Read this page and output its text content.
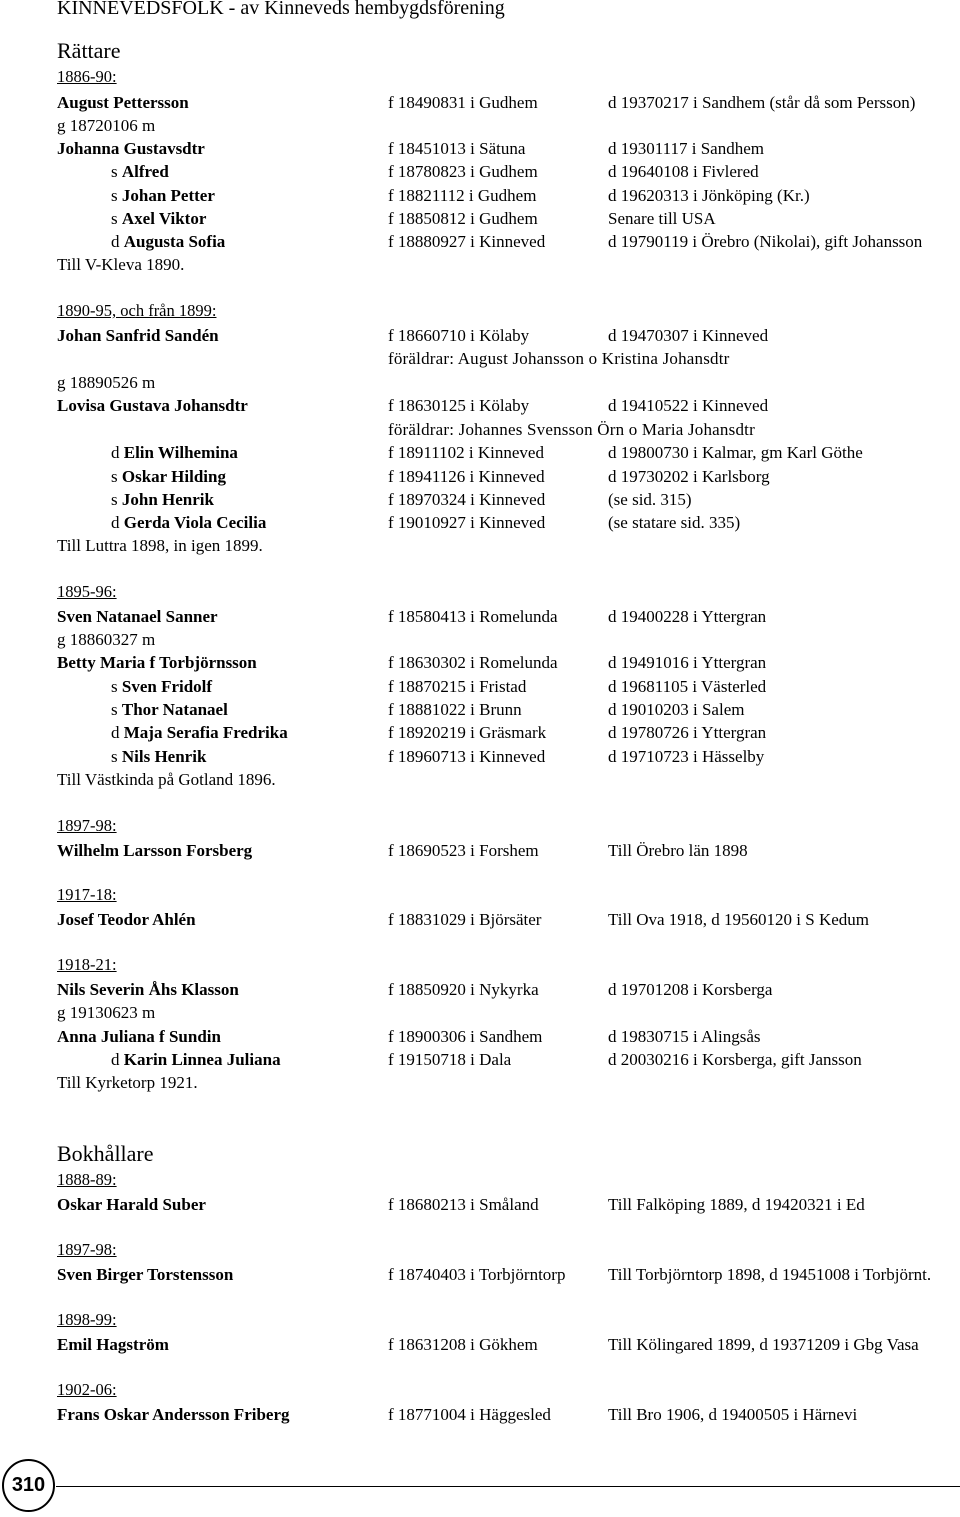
KINNEVEDSFOLK - av Kinneveds hembygdsförening
Rättare
1886-90:
August Pettersson	f 18490831 i Gudhem	d 19370217 i Sandhem (står då som Persson)
g 18720106 m
Johanna Gustavsdtr	f 18451013 i Sätuna	d 19301117 i Sandhem
s Alfred	f 18780823 i Gudhem	d 19640108 i Fivlered
s Johan Petter	f 18821112 i Gudhem	d 19620313 i Jönköping (Kr.)
s Axel Viktor	f 18850812 i Gudhem	Senare till USA
d Augusta Sofia	f 18880927 i Kinneved	d 19790119 i Örebro (Nikolai), gift Johansson
Till V-Kleva 1890.
1890-95, och från 1899:
Johan Sanfrid Sandén	f 18660710 i Kölaby	d 19470307 i Kinneved
föräldrar: August Johansson o Kristina Johansdtr
g 18890526 m
Lovisa Gustava Johansdtr	f 18630125 i Kölaby	d 19410522 i Kinneved
föräldrar: Johannes Svensson Örn o Maria Johansdtr
d Elin Wilhemina	f 18911102 i Kinneved	d 19800730 i Kalmar, gm Karl Göthe
s Oskar Hilding	f 18941126 i Kinneved	d 19730202 i Karlsborg
s John Henrik	f 18970324 i Kinneved	(se sid. 315)
d Gerda Viola Cecilia	f 19010927 i Kinneved	(se statare sid. 335)
Till Luttra 1898, in igen 1899.
1895-96:
Sven Natanael Sanner	f 18580413 i Romelunda	d 19400228 i Yttergran
g 18860327 m
Betty Maria f Torbjörnsson	f 18630302 i Romelunda	d 19491016 i Yttergran
s Sven Fridolf	f 18870215 i Fristad	d 19681105 i Västerled
s Thor Natanael	f 18881022 i Brunn	d 19010203 i Salem
d Maja Serafia Fredrika	f 18920219 i Gräsmark	d 19780726 i Yttergran
s Nils Henrik	f 18960713 i Kinneved	d 19710723 i Hässelby
Till Västkinda på Gotland 1896.
1897-98:
Wilhelm Larsson Forsberg	f 18690523 i Forshem	Till Örebro län 1898
1917-18:
Josef Teodor Ahlén	f 18831029 i Björsäter	Till Ova 1918, d 19560120 i S Kedum
1918-21:
Nils Severin Åhs Klasson	f 18850920 i Nykyrka	d 19701208 i Korsberga
g 19130623 m
Anna Juliana f Sundin	f 18900306 i Sandhem	d 19830715 i Alingsås
d Karin Linnea Juliana	f 19150718 i Dala	d 20030216 i Korsberga, gift Jansson
Till Kyrketorp 1921.
Bokhållare
1888-89:
Oskar Harald Suber	f 18680213 i Småland	Till Falköping 1889, d 19420321 i Ed
1897-98:
Sven Birger Torstensson	f 18740403 i Torbjörntorp	Till Torbjörntorp 1898, d 19451008 i Torbjörnt.
1898-99:
Emil Hagström	f 18631208 i Gökhem	Till Kölingared 1899, d 19371209 i Gbg Vasa
1902-06:
Frans Oskar Andersson Friberg	f 18771004 i Häggesled	Till Bro 1906, d 19400505 i Härnevi
310
